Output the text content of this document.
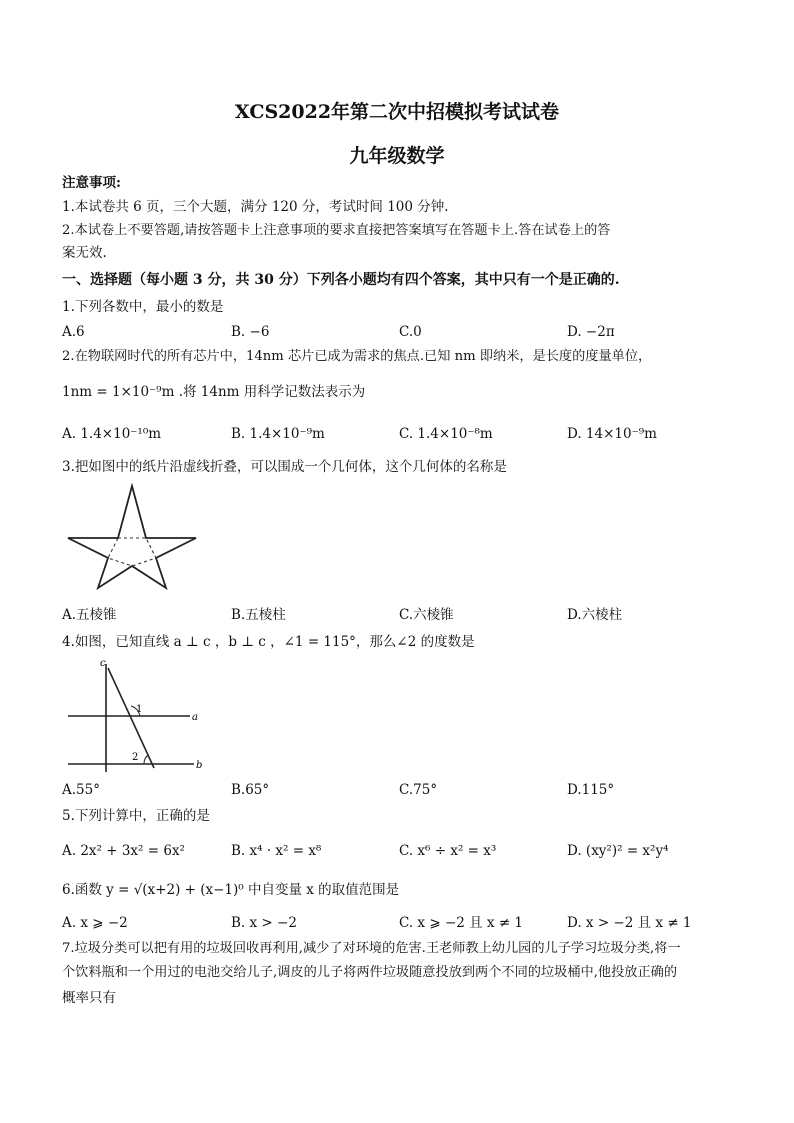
XCS2022年第二次中招模拟考试试卷
九年级数学
注意事项:
1.本试卷共 6 页，三个大题，满分 120 分，考试时间 100 分钟.
2.本试卷上不要答题,请按答题卡上注意事项的要求直接把答案填写在答题卡上.答在试卷上的答
案无效.
一、选择题（每小题 3 分，共 30 分）下列各小题均有四个答案，其中只有一个是正确的.
1.下列各数中，最小的数是
A.6	B. −6	C.0	D. −2π
2.在物联网时代的所有芯片中，14nm 芯片已成为需求的焦点.已知 nm 即纳米，是长度的度量单位，
1nm = 1×10⁻⁹m .将 14nm 用科学记数法表示为
A. 1.4×10⁻¹⁰m	B. 1.4×10⁻⁹m	C. 1.4×10⁻⁸m	D. 14×10⁻⁹m
3.把如图中的纸片沿虚线折叠，可以围成一个几何体，这个几何体的名称是
A.五棱锥	B.五棱柱	C.六棱锥	D.六棱柱
4.如图，已知直线 a ⊥ c ，b ⊥ c ，∠1 = 115°，那么∠2 的度数是
c
a
b
1
2
A.55°	B.65°	C.75°	D.115°
5.下列计算中，正确的是
A. 2x² + 3x² = 6x²	B. x⁴ · x² = x⁸	C. x⁶ ÷ x² = x³	D. (xy²)² = x²y⁴
6.函数 y = √(x+2) + (x−1)⁰ 中自变量 x 的取值范围是
A. x ⩾ −2	B. x > −2	C. x ⩾ −2 且 x ≠ 1	D. x > −2 且 x ≠ 1
7.垃圾分类可以把有用的垃圾回收再利用,减少了对环境的危害.王老师教上幼儿园的儿子学习垃圾分类,将一
个饮料瓶和一个用过的电池交给儿子,调皮的儿子将两件垃圾随意投放到两个不同的垃圾桶中,他投放正确的
概率只有
